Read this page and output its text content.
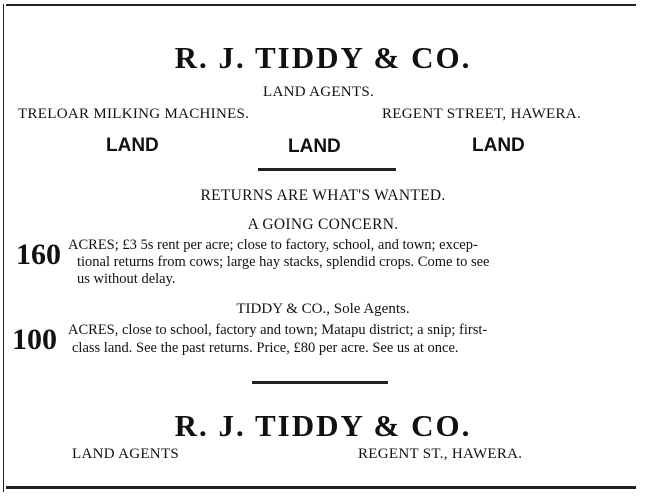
R. J. TIDDY & CO.
LAND AGENTS.
TRELOAR MILKING MACHINES.	REGENT STREET, HAWERA.
LAND	LAND	LAND
RETURNS ARE WHAT'S WANTED.
A GOING CONCERN.
160 ACRES; £3 5s rent per acre; close to factory, school, and town; excep-
tional returns from cows; large hay stacks, splendid crops. Come to see
us without delay.
TIDDY & CO., Sole Agents.
100 ACRES, close to school, factory and town; Matapu district; a snip; first-
class land. See the past returns. Price, £80 per acre. See us at once.
R. J. TIDDY & CO.
LAND AGENTS	REGENT ST., HAWERA.
